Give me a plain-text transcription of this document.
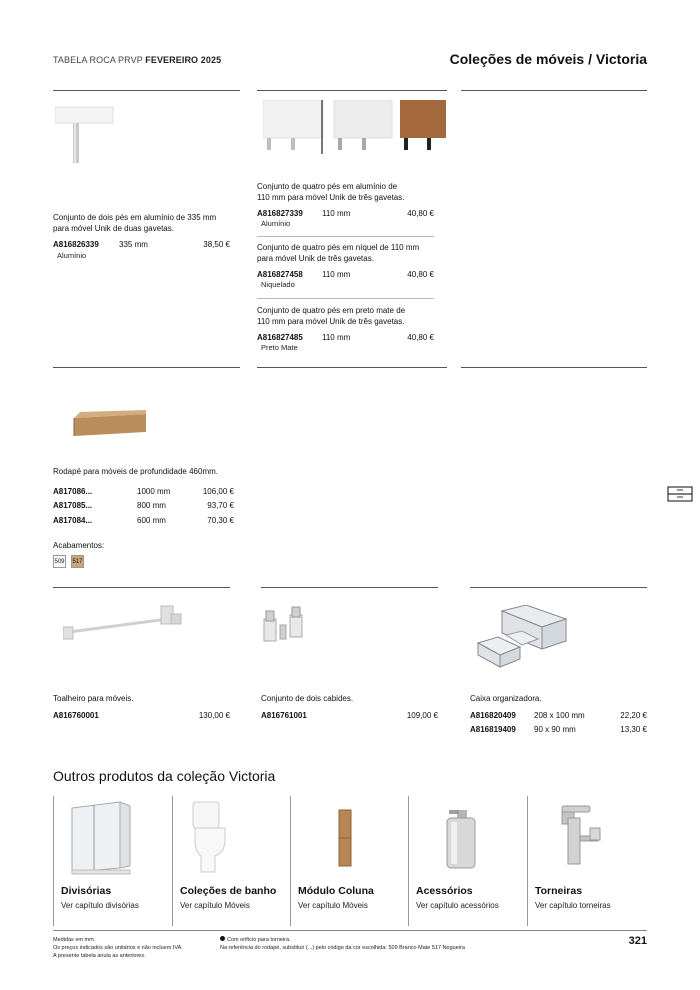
TABELA ROCA PRVP FEVEREIRO 2025	Coleções de móveis / Victoria
Conjunto de dois pés em alumínio de 335 mm
para móvel Unik de duas gavetas.
A816826339	335 mm	38,50 €
Alumínio
Conjunto de quatro pés em alumínio de
110 mm para móvel Unik de três gavetas.
A816827339 110 mm	40,80 €
Alumínio
Conjunto de quatro pés em níquel de 110 mm
para móvel Unik de três gavetas.
A816827458 110 mm	40,80 €
Niquelado
Conjunto de quatro pés em preto mate de
110 mm para móvel Unik de três gavetas.
A816827485 110 mm	40,80 €
Preto Mate
Rodapé para móveis de profundidade 460mm.
A817086...	1000 mm	106,00 €
A817085...	800 mm	93,70 €
A817084...	600 mm	70,30 €
Acabamentos:
509 517
Toalheiro para móveis.
A816760001	130,00 €
Conjunto de dois cabides.
A816761001	109,00 €
Caixa organizadora.
A816820409 208 x 100 mm	22,20 €
A816819409 90 x 90 mm	13,30 €
Outros produtos da coleção Victoria
Divisórias
Ver capítulo divisórias
Coleções de banho
Ver capítulo Móveis
Módulo Coluna
Ver capítulo Móveis
Acessórios
Ver capítulo acessórios
Torneiras
Ver capítulo torneiras
Medidas em mm.
Os preços indicados são unitários e não incluem IVA.
A presente tabela anula as anteriores.
Com orifício para torneira.
Na referência do rodapé, substituir (...) pelo código da cor escolhida: 509 Branco Mate 517 Nogueira
321
